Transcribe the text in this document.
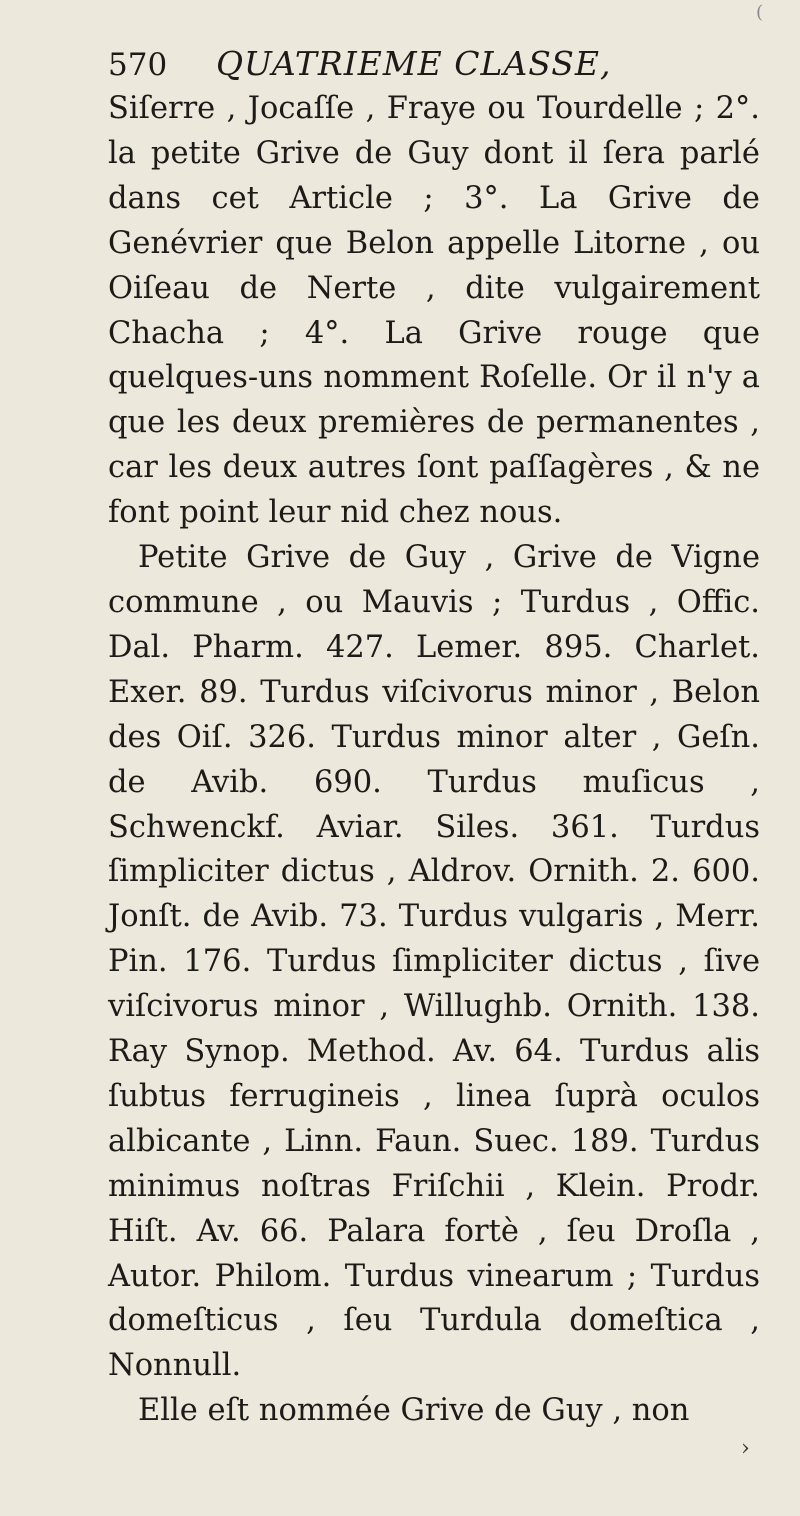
(
570	QUATRIEME CLASSE,

Siſerre , Jocaſſe , Fraye ou Tourdelle ; 2°. la petite Grive de Guy dont il ſera parlé dans cet Article ; 3°. La Grive de Genévrier que Belon appelle Litorne , ou Oiſeau de Nerte , dite vulgairement Chacha ; 4°. La Grive rouge que quelques-uns nomment Roſelle. Or il n'y a que les deux premières de permanentes , car les deux autres ſont paſſagères , & ne font point leur nid chez nous.

Petite Grive de Guy , Grive de Vigne commune , ou Mauvis ; Turdus , Offic. Dal. Pharm. 427. Lemer. 895. Charlet. Exer. 89. Turdus viſcivorus minor , Belon des Oiſ. 326. Turdus minor alter , Geſn. de Avib. 690. Turdus muſicus , Schwenckf. Aviar. Siles. 361. Turdus ſimpliciter dictus , Aldrov. Ornith. 2. 600. Jonſt. de Avib. 73. Turdus vulgaris , Merr. Pin. 176. Turdus ſimpliciter dictus , ſive viſcivorus minor , Willughb. Ornith. 138. Ray Synop. Method. Av. 64. Turdus alis ſubtus ferrugineis , linea ſuprà oculos albicante , Linn. Faun. Suec. 189. Turdus minimus noſtras Friſchii , Klein. Prodr. Hiſt. Av. 66. Palara fortè , ſeu Droſla , Autor. Philom. Turdus vinearum ; Turdus domeſticus , ſeu Turdula domeſtica , Nonnull.

Elle eſt nommée Grive de Guy , non

›
